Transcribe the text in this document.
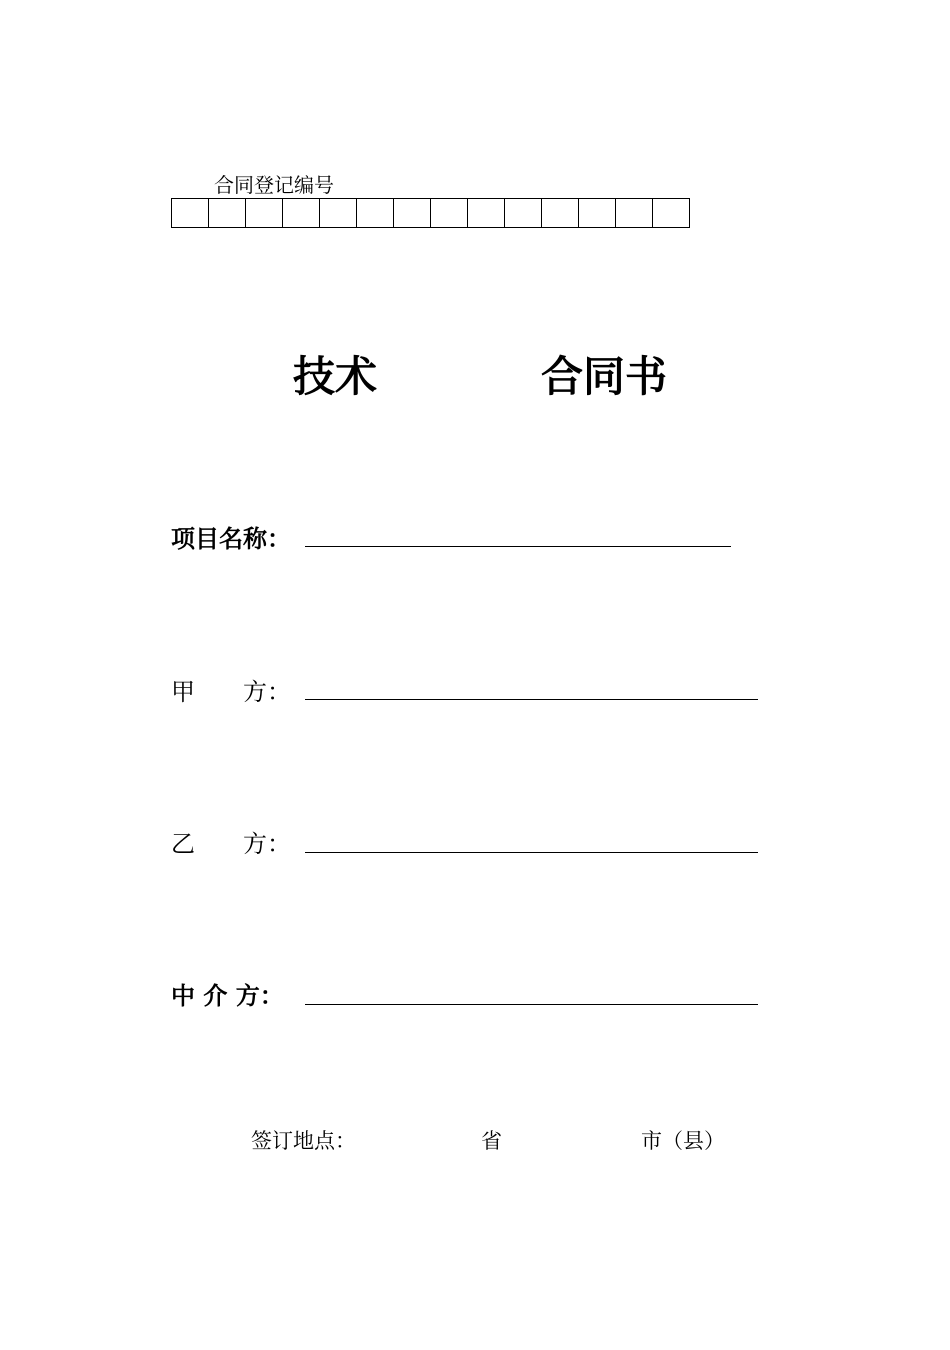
合同登记编号
技术	合同书
项目名称：
甲　　方：
乙　　方：
中 介 方：
签订地点：	省	市（县）
